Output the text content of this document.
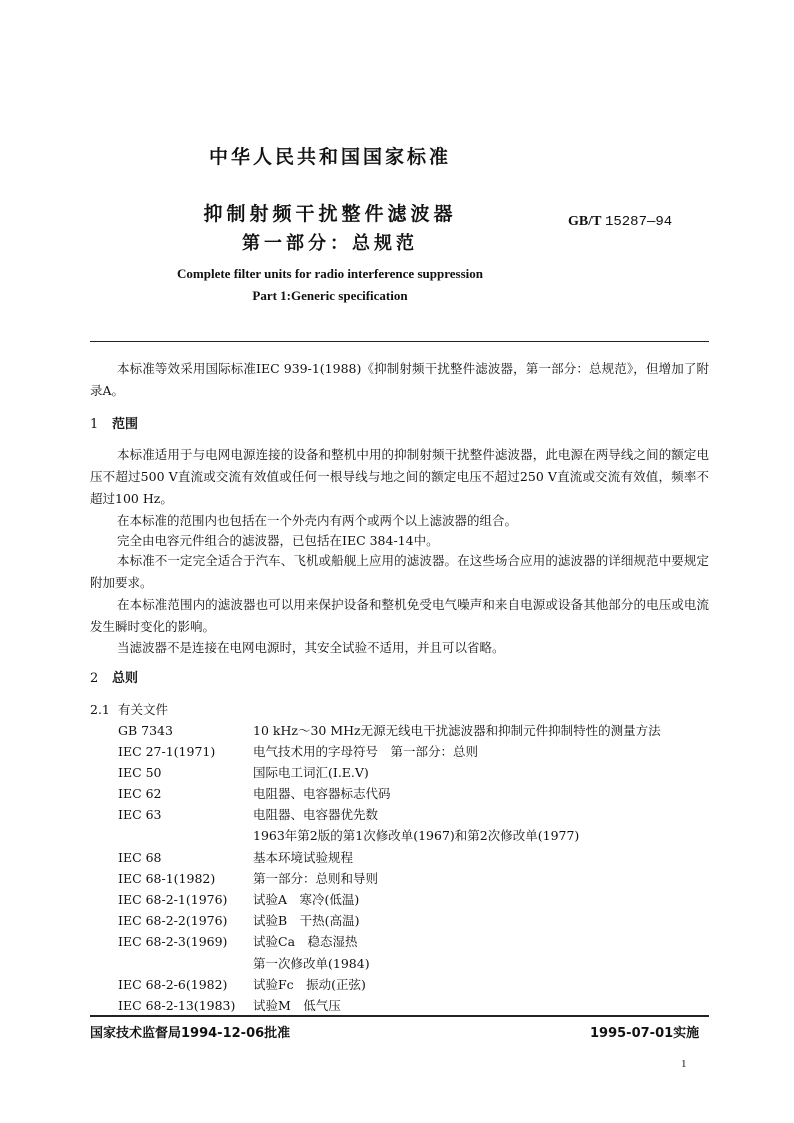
中华人民共和国国家标准
抑制射频干扰整件滤波器
第一部分：总规范
GB/T 15287—94
Complete filter units for radio interference suppression
Part 1:Generic specification
本标准等效采用国际标准IEC 939-1(1988)《抑制射频干扰整件滤波器，第一部分：总规范》，但增加了附录A。
1 范围
本标准适用于与电网电源连接的设备和整机中用的抑制射频干扰整件滤波器，此电源在两导线之间的额定电压不超过500 V直流或交流有效值或任何一根导线与地之间的额定电压不超过250 V直流或交流有效值，频率不超过100 Hz。
在本标准的范围内也包括在一个外壳内有两个或两个以上滤波器的组合。
完全由电容元件组合的滤波器，已包括在IEC 384-14中。
本标准不一定完全适合于汽车、飞机或船舰上应用的滤波器。在这些场合应用的滤波器的详细规范中要规定附加要求。
在本标准范围内的滤波器也可以用来保护设备和整机免受电气噪声和来自电源或设备其他部分的电压或电流发生瞬时变化的影响。
当滤波器不是连接在电网电源时，其安全试验不适用，并且可以省略。
2 总则
2.1 有关文件
GB 7343	10 kHz～30 MHz无源无线电干扰滤波器和抑制元件抑制特性的测量方法
IEC 27-1(1971)	电气技术用的字母符号　第一部分：总则
IEC 50	国际电工词汇(I.E.V)
IEC 62	电阻器、电容器标志代码
IEC 63	电阻器、电容器优先数
1963年第2版的第1次修改单(1967)和第2次修改单(1977)
IEC 68	基本环境试验规程
IEC 68-1(1982)	第一部分：总则和导则
IEC 68-2-1(1976) 试验A　寒冷(低温)
IEC 68-2-2(1976) 试验B　干热(高温)
IEC 68-2-3(1969) 试验Ca　稳态湿热
第一次修改单(1984)
IEC 68-2-6(1982) 试验Fc　振动(正弦)
IEC 68-2-13(1983) 试验M　低气压
国家技术监督局1994-12-06批准	1995-07-01实施
1
